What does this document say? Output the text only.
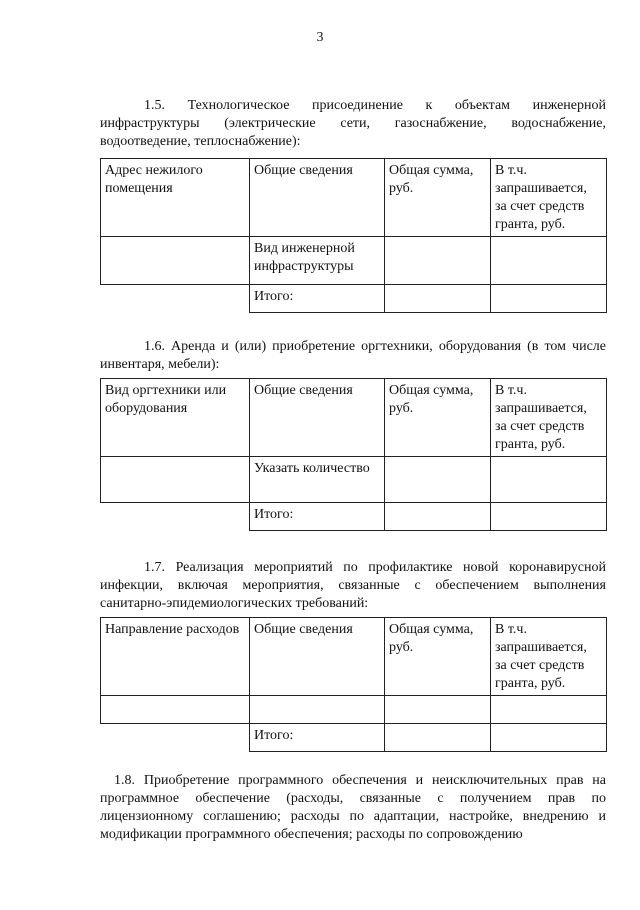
3

1.5. Технологическое присоединение к объектам инженерной инфраструктуры (электрические сети, газоснабжение, водоснабжение, водоотведение, теплоснабжение):

Адрес нежилого помещения	Общие сведения	Общая сумма, руб.	В т.ч. запрашивается, за счет средств гранта, руб.
	Вид инженерной инфраструктуры		
	Итого:		

1.6. Аренда и (или) приобретение оргтехники, оборудования (в том числе инвентаря, мебели):

Вид оргтехники или оборудования	Общие сведения	Общая сумма, руб.	В т.ч. запрашивается, за счет средств гранта, руб.
	Указать количество		
	Итого:		

1.7. Реализация мероприятий по профилактике новой коронавирусной инфекции, включая мероприятия, связанные с обеспечением выполнения санитарно-эпидемиологических требований:

Направление расходов	Общие сведения	Общая сумма, руб.	В т.ч. запрашивается, за счет средств гранта, руб.

	Итого:		

1.8. Приобретение программного обеспечения и неисключительных прав на программное обеспечение (расходы, связанные с получением прав по лицензионному соглашению; расходы по адаптации, настройке, внедрению и модификации программного обеспечения; расходы по сопровождению
